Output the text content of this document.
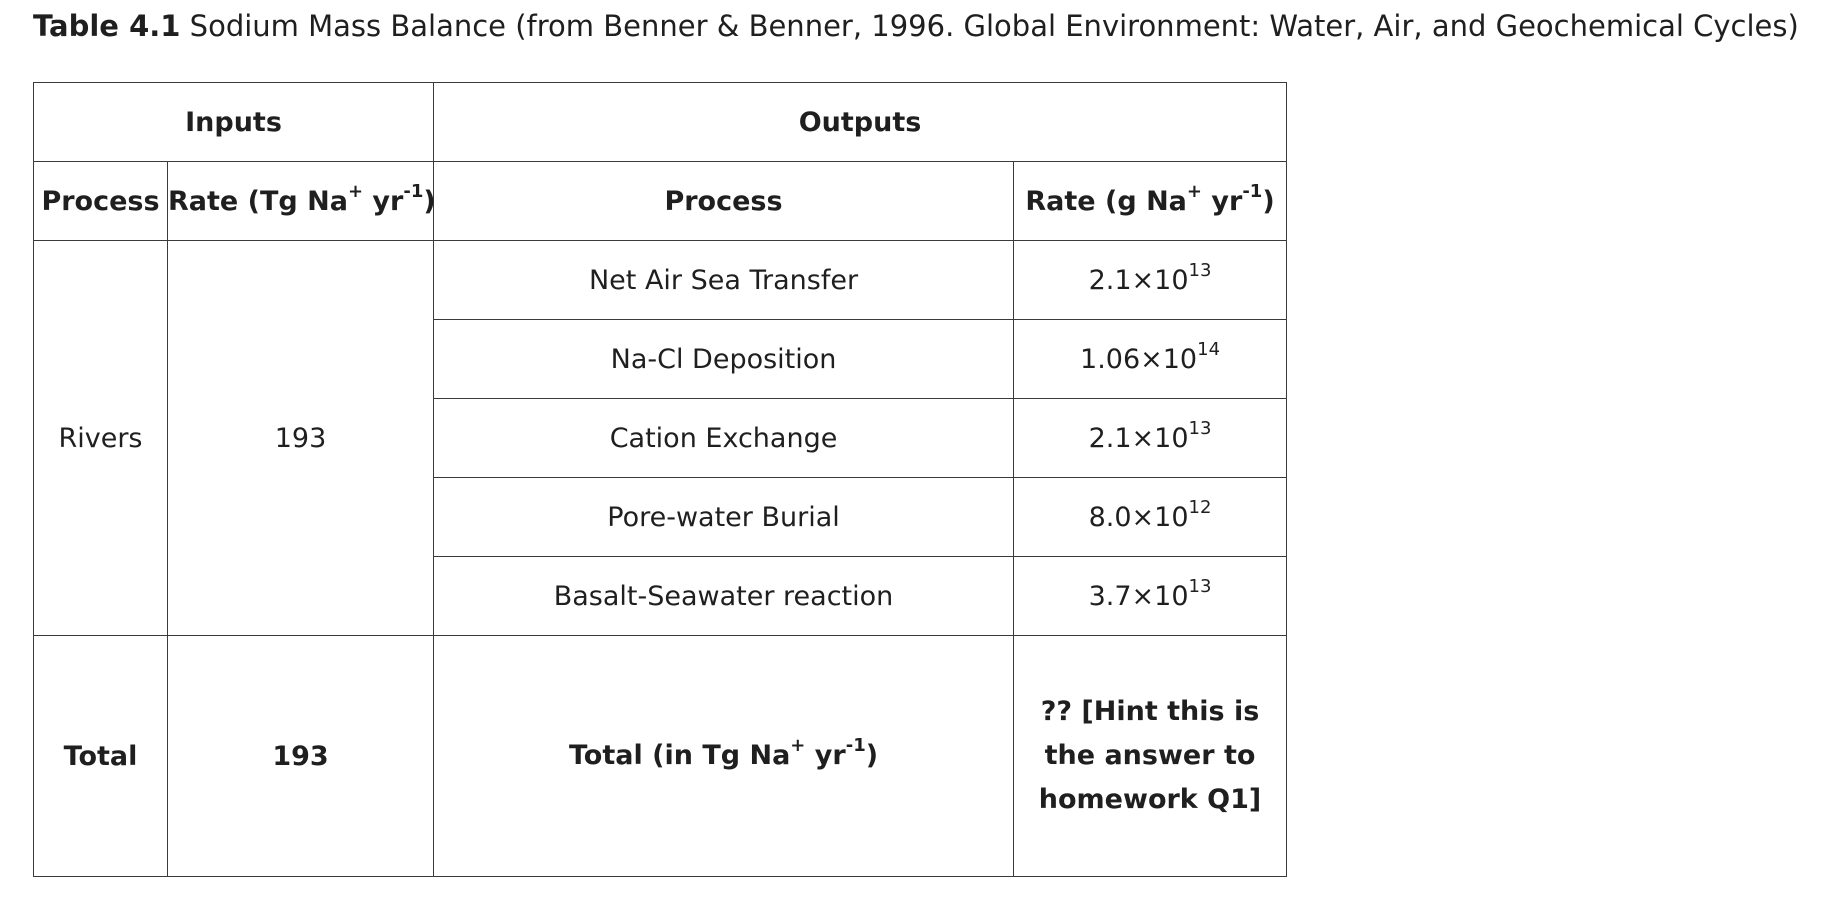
Table 4.1 Sodium Mass Balance (from Benner & Benner, 1996. Global Environment: Water, Air, and Geochemical Cycles)
Inputs		Outputs	
Process	Rate (Tg Na+ $yr^{-1}$)	Process	Rate (g Na+ $yr^{-1}$)
Rivers	193	Net Air Sea Transfer	$2.1\times 10^{13}$
		Na-Cl Deposition	$1.06\times 10^{14}$
		Cation Exchange	$2.1\times 10^{13}$
		Pore-water Burial	$8.0\times 10^{12}$
		Basalt-Seawater reaction	$3.7\times 10^{13}$
Total	193	Total (in Tg Na+ $yr^{-1}$)	?? [Hint this is
the answer to
homework Q1]
